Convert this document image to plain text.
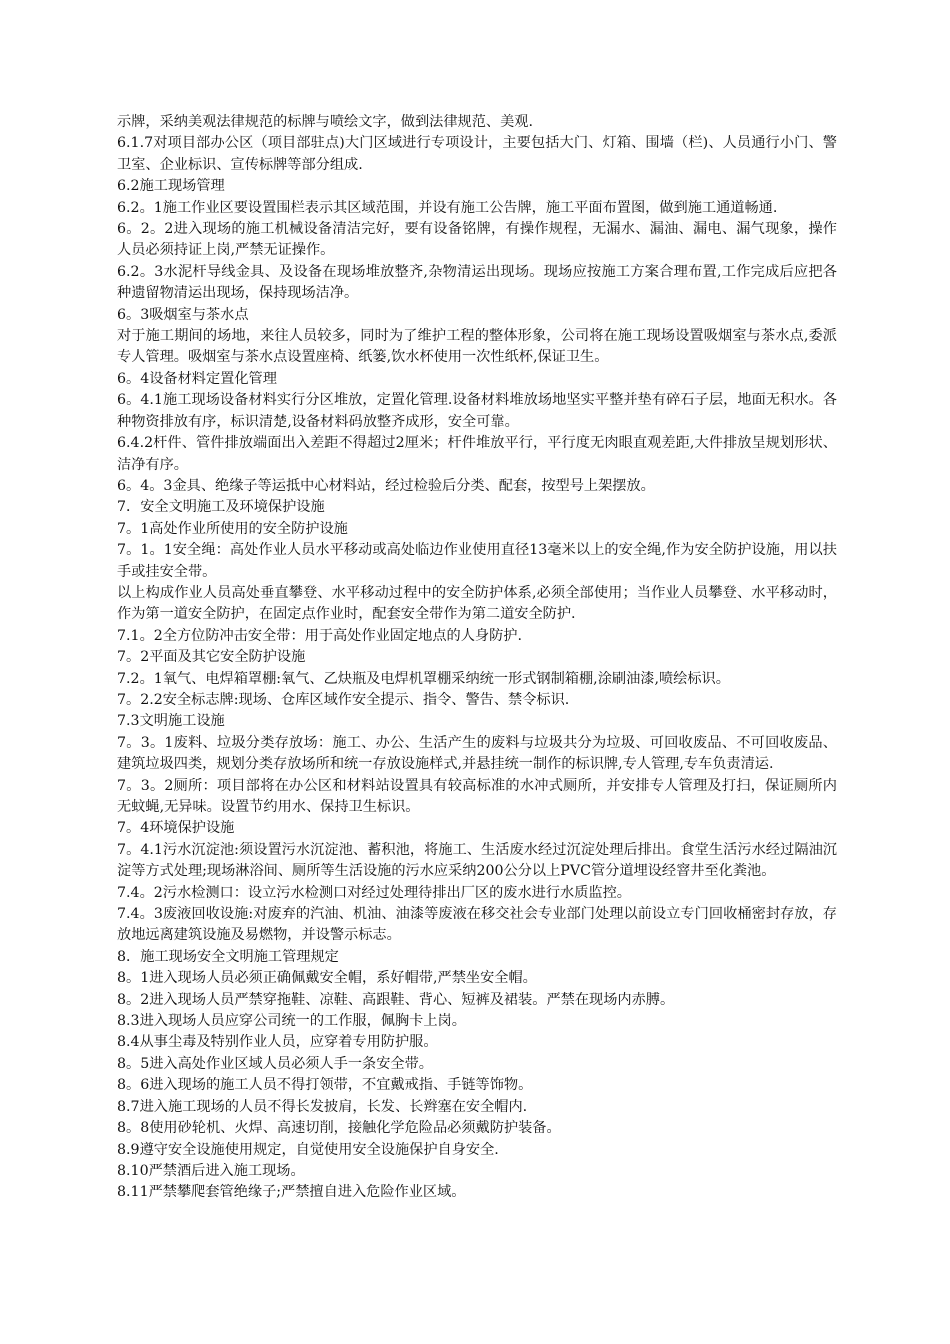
示牌，采纳美观法律规范的标牌与喷绘文字，做到法律规范、美观.

6.1.7对项目部办公区（项目部驻点)大门区域进行专项设计，主要包括大门、灯箱、围墙（栏)、人员通行小门、警卫室、企业标识、宣传标牌等部分组成.

6.2施工现场管理

6.2。1施工作业区要设置围栏表示其区域范围，并设有施工公告牌，施工平面布置图，做到施工通道畅通.

6。2。2进入现场的施工机械设备清洁完好，要有设备铭牌，有操作规程，无漏水、漏油、漏电、漏气现象，操作人员必须持证上岗,严禁无证操作。

6.2。3水泥杆导线金具、及设备在现场堆放整齐,杂物清运出现场。现场应按施工方案合理布置,工作完成后应把各种遗留物清运出现场，保持现场洁净。

6。3吸烟室与茶水点

对于施工期间的场地，来往人员较多，同时为了维护工程的整体形象，公司将在施工现场设置吸烟室与茶水点,委派专人管理。吸烟室与茶水点设置座椅、纸篓,饮水杯使用一次性纸杯,保证卫生。

6。4设备材料定置化管理

6。4.1施工现场设备材料实行分区堆放，定置化管理.设备材料堆放场地坚实平整并垫有碎石子层，地面无积水。各种物资排放有序，标识清楚,设备材料码放整齐成形，安全可靠。

6.4.2杆件、管件排放端面出入差距不得超过2厘米；杆件堆放平行，平行度无肉眼直观差距,大件排放呈规划形状、洁净有序。

6。4。3金具、绝缘子等运抵中心材料站，经过检验后分类、配套，按型号上架摆放。

7．安全文明施工及环境保护设施

7。1高处作业所使用的安全防护设施

7。1。1安全绳：高处作业人员水平移动或高处临边作业使用直径13毫米以上的安全绳,作为安全防护设施，用以扶手或挂安全带。

以上构成作业人员高处垂直攀登、水平移动过程中的安全防护体系,必须全部使用；当作业人员攀登、水平移动时，作为第一道安全防护，在固定点作业时，配套安全带作为第二道安全防护.

7.1。2全方位防冲击安全带：用于高处作业固定地点的人身防护.

7。2平面及其它安全防护设施

7.2。1氧气、电焊箱罩棚:氧气、乙炔瓶及电焊机罩棚采纳统一形式钢制箱棚,涂刷油漆,喷绘标识。

7。2.2安全标志牌:现场、仓库区域作安全提示、指令、警告、禁令标识.

7.3文明施工设施

7。3。1废料、垃圾分类存放场：施工、办公、生活产生的废料与垃圾共分为垃圾、可回收废品、不可回收废品、建筑垃圾四类，规划分类存放场所和统一存放设施样式,并悬挂统一制作的标识牌,专人管理,专车负责清运.

7。3。2厕所：项目部将在办公区和材料站设置具有较高标准的水冲式厕所，并安排专人管理及打扫，保证厕所内无蚊蝇,无异味。设置节约用水、保持卫生标识。

7。4环境保护设施

7。4.1污水沉淀池:须设置污水沉淀池、蓄积池，将施工、生活废水经过沉淀处理后排出。食堂生活污水经过隔油沉淀等方式处理;现场淋浴间、厕所等生活设施的污水应采纳200公分以上PVC管分道埋设经窨井至化粪池。

7.4。2污水检测口：设立污水检测口对经过处理待排出厂区的废水进行水质监控。

7.4。3废液回收设施:对废弃的汽油、机油、油漆等废液在移交社会专业部门处理以前设立专门回收桶密封存放，存放地远离建筑设施及易燃物，并设警示标志。

8．施工现场安全文明施工管理规定

8。1进入现场人员必须正确佩戴安全帽，系好帽带,严禁坐安全帽。

8。2进入现场人员严禁穿拖鞋、凉鞋、高跟鞋、背心、短裤及裙装。严禁在现场内赤膊。

8.3进入现场人员应穿公司统一的工作服，佩胸卡上岗。

8.4从事尘毒及特别作业人员，应穿着专用防护服。

8。5进入高处作业区域人员必须人手一条安全带。

8。6进入现场的施工人员不得打领带，不宜戴戒指、手链等饰物。

8.7进入施工现场的人员不得长发披肩，长发、长辫塞在安全帽内.

8。8使用砂轮机、火焊、高速切削，接触化学危险品必须戴防护装备。

8.9遵守安全设施使用规定，自觉使用安全设施保护自身安全.

8.10严禁酒后进入施工现场。

8.11严禁攀爬套管绝缘子;严禁擅自进入危险作业区域。
